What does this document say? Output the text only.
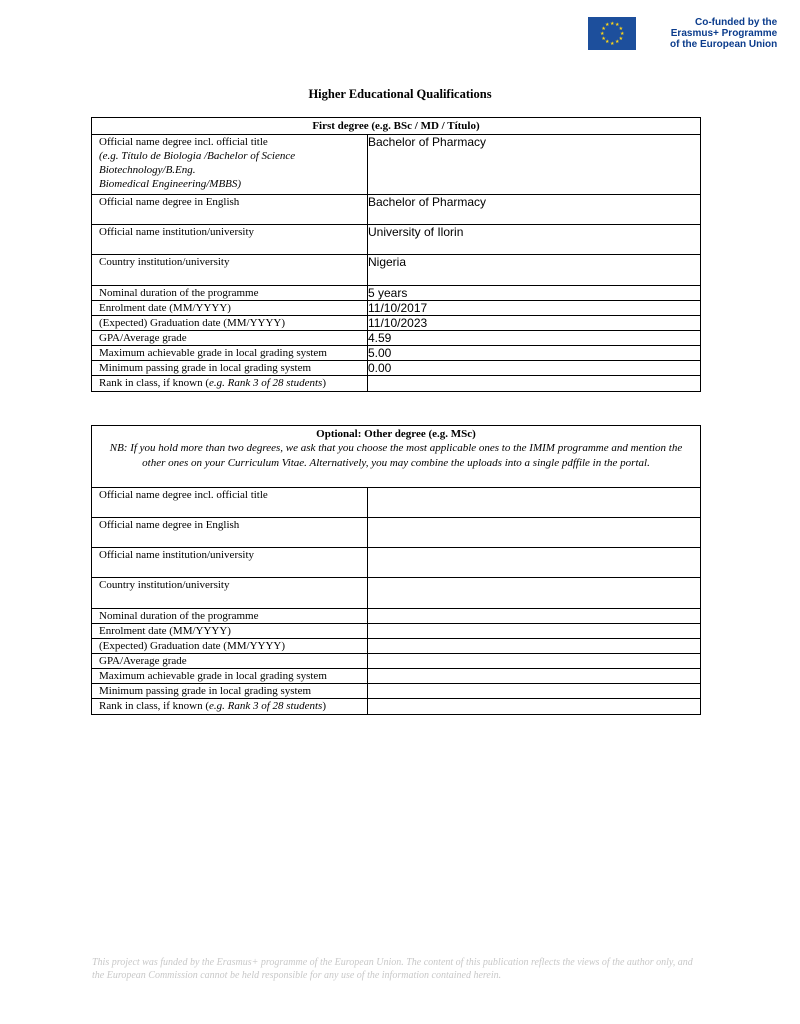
★ ★
★
★
★
★
★
★
★
★
★
★	Co-funded by the
Erasmus+ Programme
of the European Union
Higher Educational Qualifications
First degree (e.g. BSc / MD / Título)	
Official name degree incl. official title
(e.g. Título de Biologia /Bachelor of Science
Biotechnology/B.Eng.
Biomedical Engineering/MBBS)	Bachelor of Pharmacy
Official name degree in English	Bachelor of Pharmacy
Official name institution/university	University of Ilorin
Country institution/university	Nigeria
Nominal duration of the programme	5 years
Enrolment date (MM/YYYY)	11/10/2017
(Expected) Graduation date (MM/YYYY)	11/10/2023
GPA/Average grade	4.59
Maximum achievable grade in local grading system	5.00
Minimum passing grade in local grading system	0.00
Rank in class, if known (e.g. Rank 3 of 28 students)	
Optional: Other degree (e.g. MSc)
NB: If you hold more than two degrees, we ask that you choose the most applicable ones to the IMIM programme and mention the other ones on your Curriculum Vitae. Alternatively, you may combine the uploads into a single pdffile in the portal.	

Official name degree incl. official title	
Official name degree in English	
Official name institution/university	
Country institution/university	
Nominal duration of the programme	
Enrolment date (MM/YYYY)	
(Expected) Graduation date (MM/YYYY)	
GPA/Average grade	
Maximum achievable grade in local grading system	
Minimum passing grade in local grading system	
Rank in class, if known (e.g. Rank 3 of 28 students)	
This project was funded by the Erasmus+ programme of the European Union. The content of this publication reflects the views of the author only, and the European Commission cannot be held responsible for any use of the information contained herein.
